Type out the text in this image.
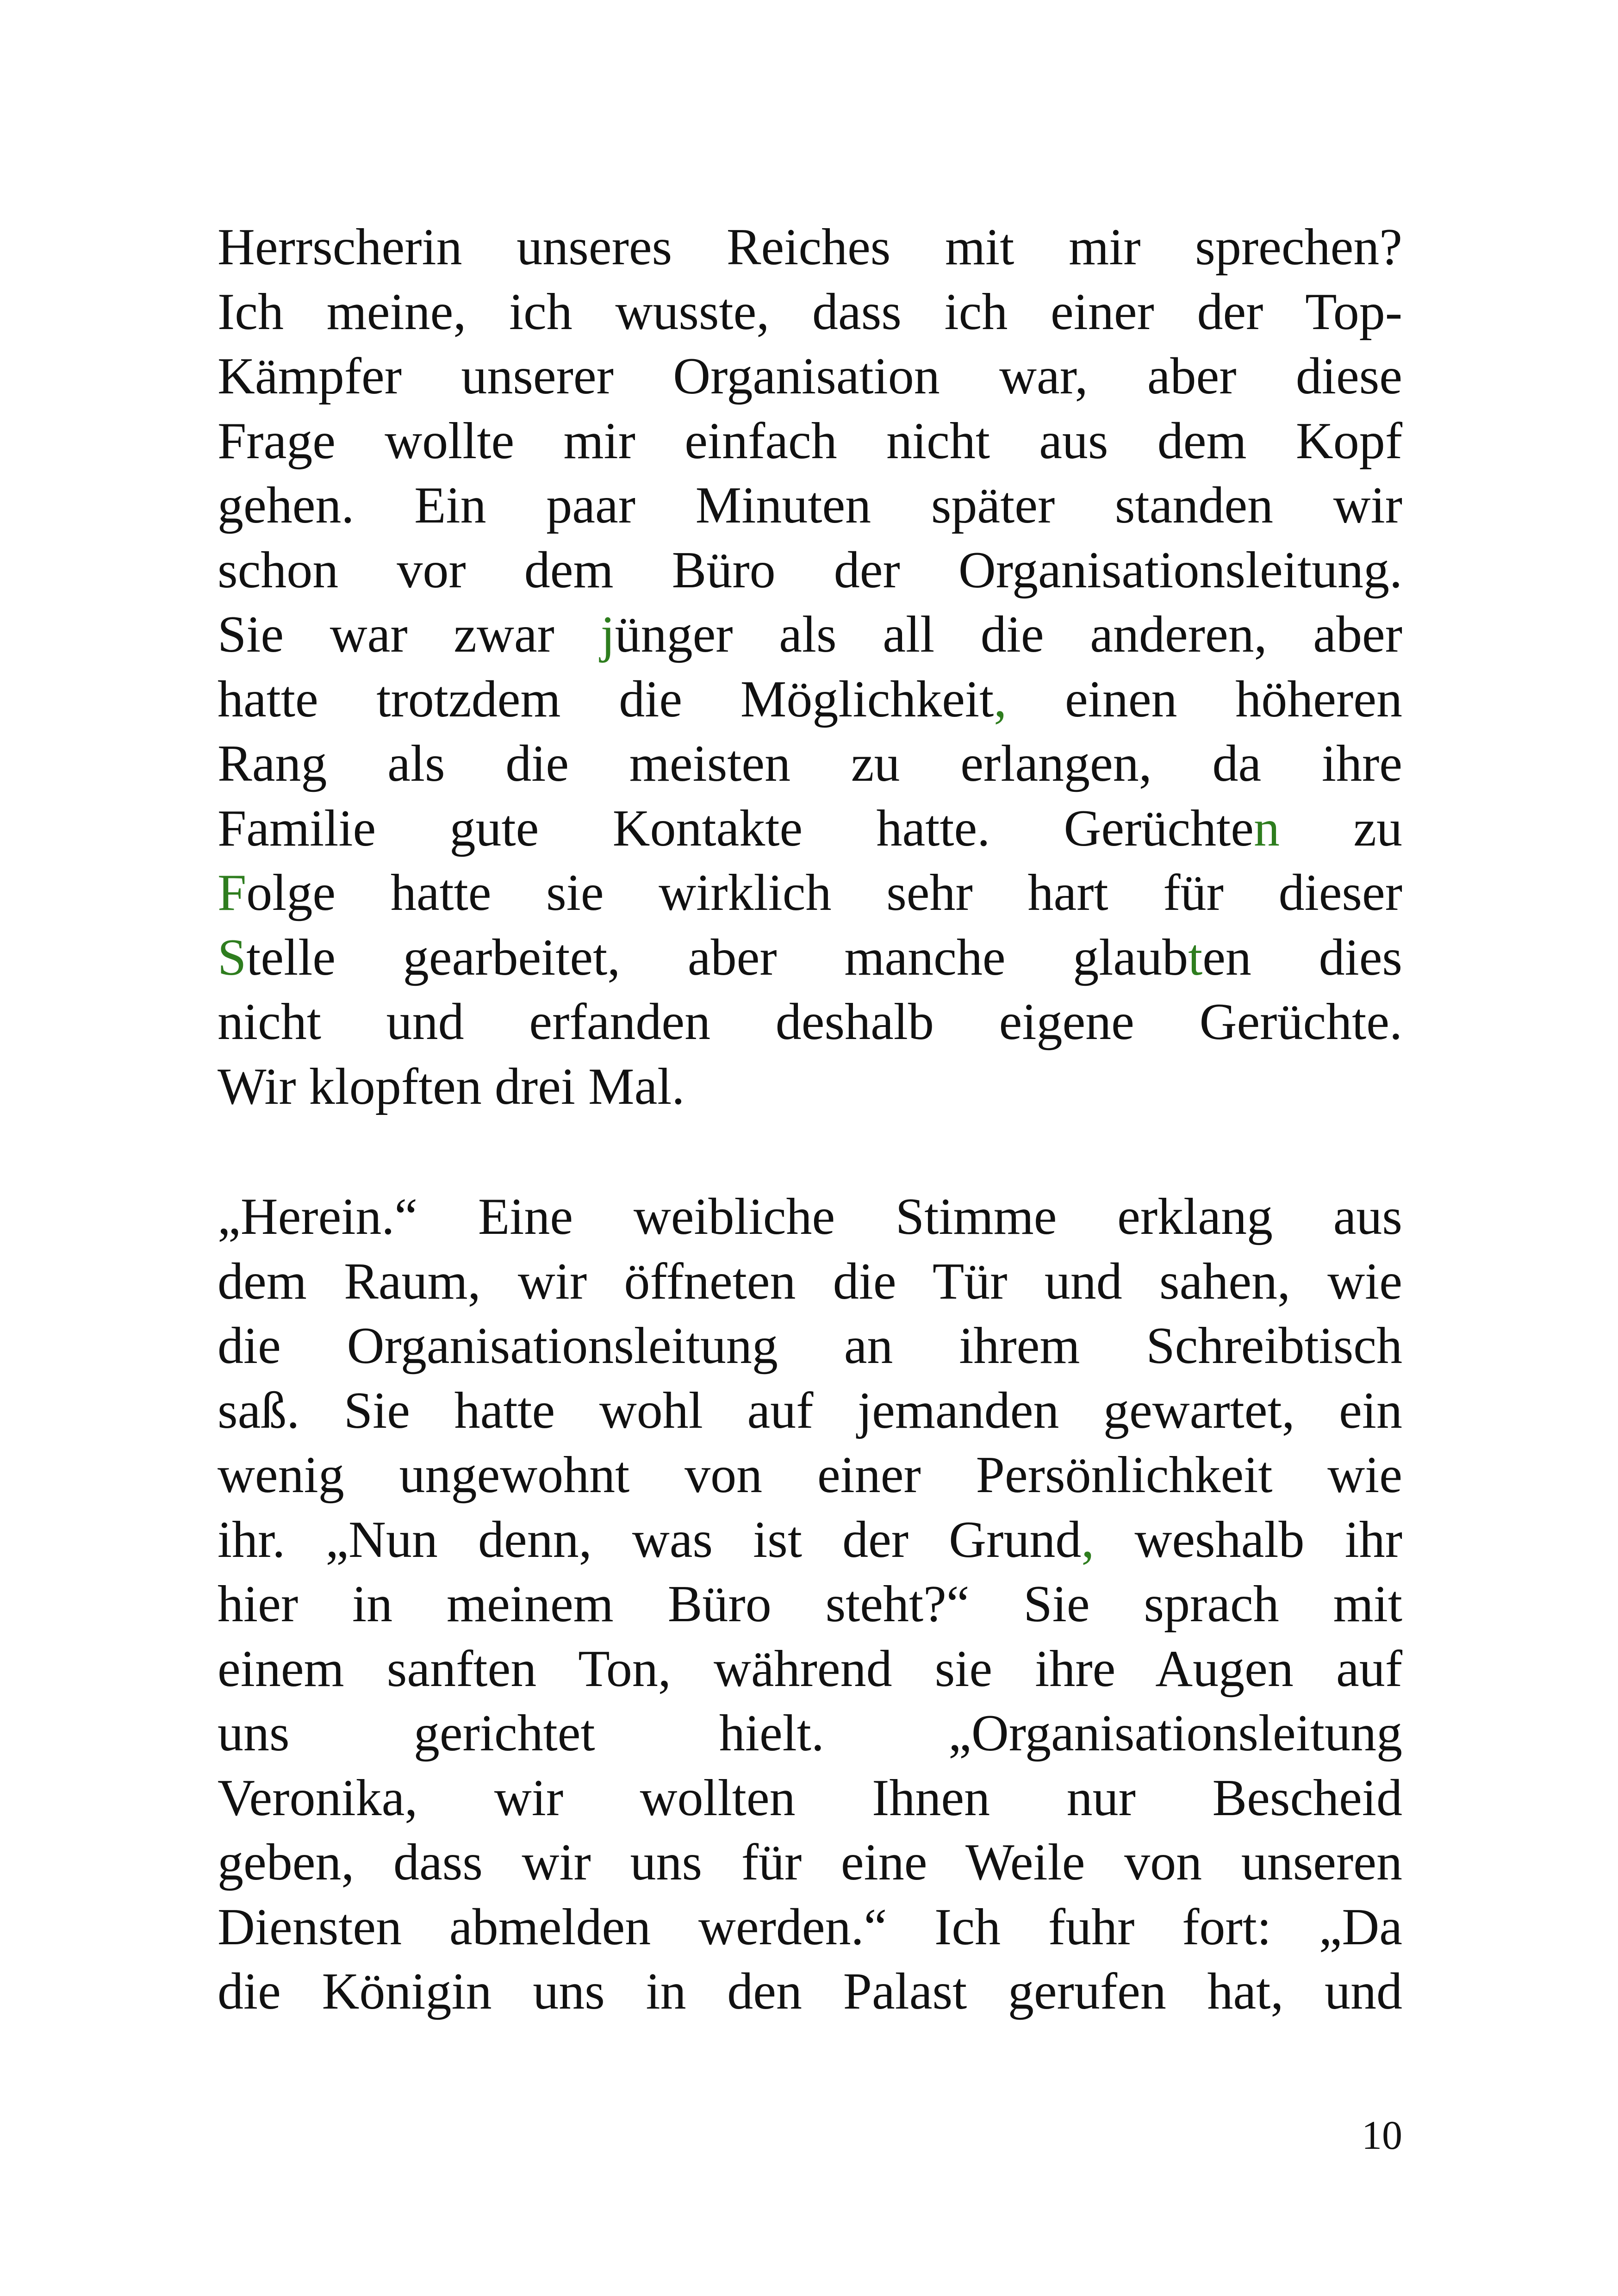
Herrscherin unseres Reiches mit mir sprechen?
Ich meine, ich wusste, dass ich einer der Top-
Kämpfer unserer Organisation war, aber diese
Frage wollte mir einfach nicht aus dem Kopf
gehen. Ein paar Minuten später standen wir
schon vor dem Büro der Organisationsleitung.
Sie war zwar jünger als all die anderen, aber
hatte trotzdem die Möglichkeit, einen höheren
Rang als die meisten zu erlangen, da ihre
Familie gute Kontakte hatte. Gerüchten zu
Folge hatte sie wirklich sehr hart für dieser
Stelle gearbeitet, aber manche glaubten dies
nicht und erfanden deshalb eigene Gerüchte.
Wir klopften drei Mal.
„Herein.“ Eine weibliche Stimme erklang aus
dem Raum, wir öffneten die Tür und sahen, wie
die Organisationsleitung an ihrem Schreibtisch
saß. Sie hatte wohl auf jemanden gewartet, ein
wenig ungewohnt von einer Persönlichkeit wie
ihr. „Nun denn, was ist der Grund, weshalb ihr
hier in meinem Büro steht?“ Sie sprach mit
einem sanften Ton, während sie ihre Augen auf
uns gerichtet hielt. „Organisationsleitung
Veronika, wir wollten Ihnen nur Bescheid
geben, dass wir uns für eine Weile von unseren
Diensten abmelden werden.“ Ich fuhr fort: „Da
die Königin uns in den Palast gerufen hat, und
10
